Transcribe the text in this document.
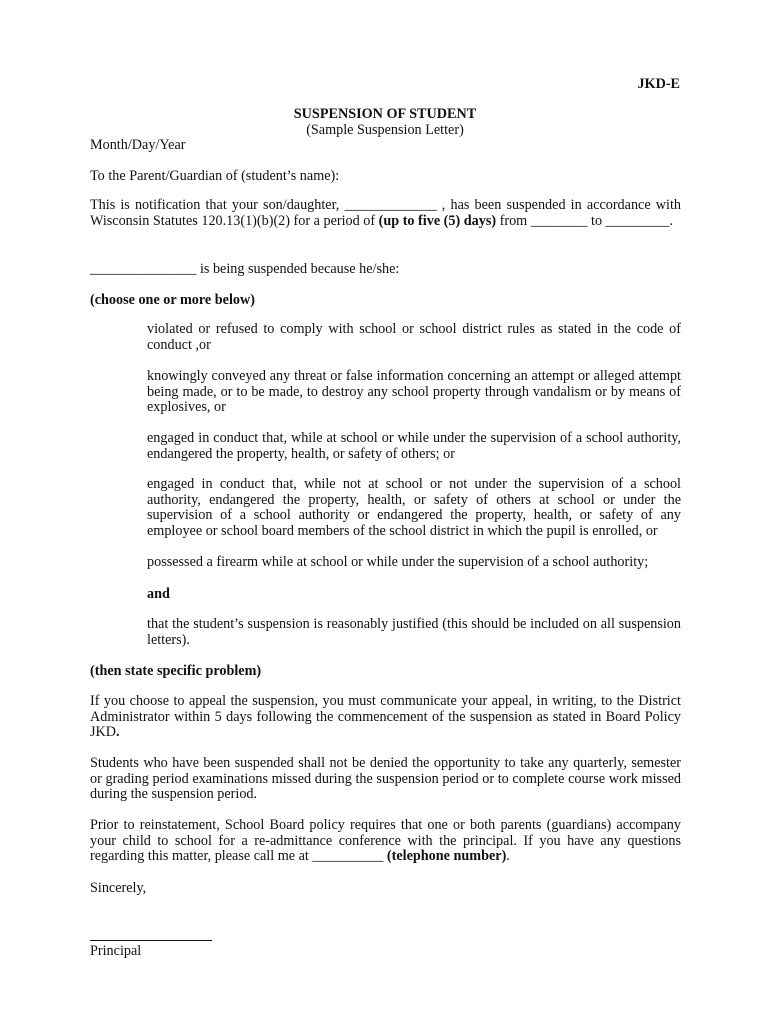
JKD-E
SUSPENSION OF STUDENT
(Sample Suspension Letter)
Month/Day/Year
To the Parent/Guardian of (student’s name):

This is notification that your son/daughter, _____________ , has been suspended in accordance with Wisconsin Statutes 120.13(1)(b)(2) for a period of (up to five (5) days) from ________ to _________.

_______________ is being suspended because he/she:
(choose one or more below)

violated or refused to comply with school or school district rules as stated in the code of conduct ,or

knowingly conveyed any threat or false information concerning an attempt or alleged attempt being made, or to be made, to destroy any school property through vandalism or by means of explosives, or

engaged in conduct that, while at school or while under the supervision of a school authority, endangered the property, health, or safety of others; or

engaged in conduct that, while not at school or not under the supervision of a school authority, endangered the property, health, or safety of others at school or under the supervision of a school authority or endangered the property, health, or safety of any employee or school board members of the school district in which the pupil is enrolled, or

possessed a firearm while at school or while under the supervision of a school authority;

and

that the student’s suspension is reasonably justified (this should be included on all suspension letters).

(then state specific problem)

If you choose to appeal the suspension, you must communicate your appeal, in writing, to the District Administrator within 5 days following the commencement of the suspension as stated in Board Policy JKD.

Students who have been suspended shall not be denied the opportunity to take any quarterly, semester or grading period examinations missed during the suspension period or to complete course work missed during the suspension period.

Prior to reinstatement, School Board policy requires that one or both parents (guardians) accompany your child to school for a re-admittance conference with the principal. If you have any questions regarding this matter, please call me at __________ (telephone number).

Sincerely,
Principal
